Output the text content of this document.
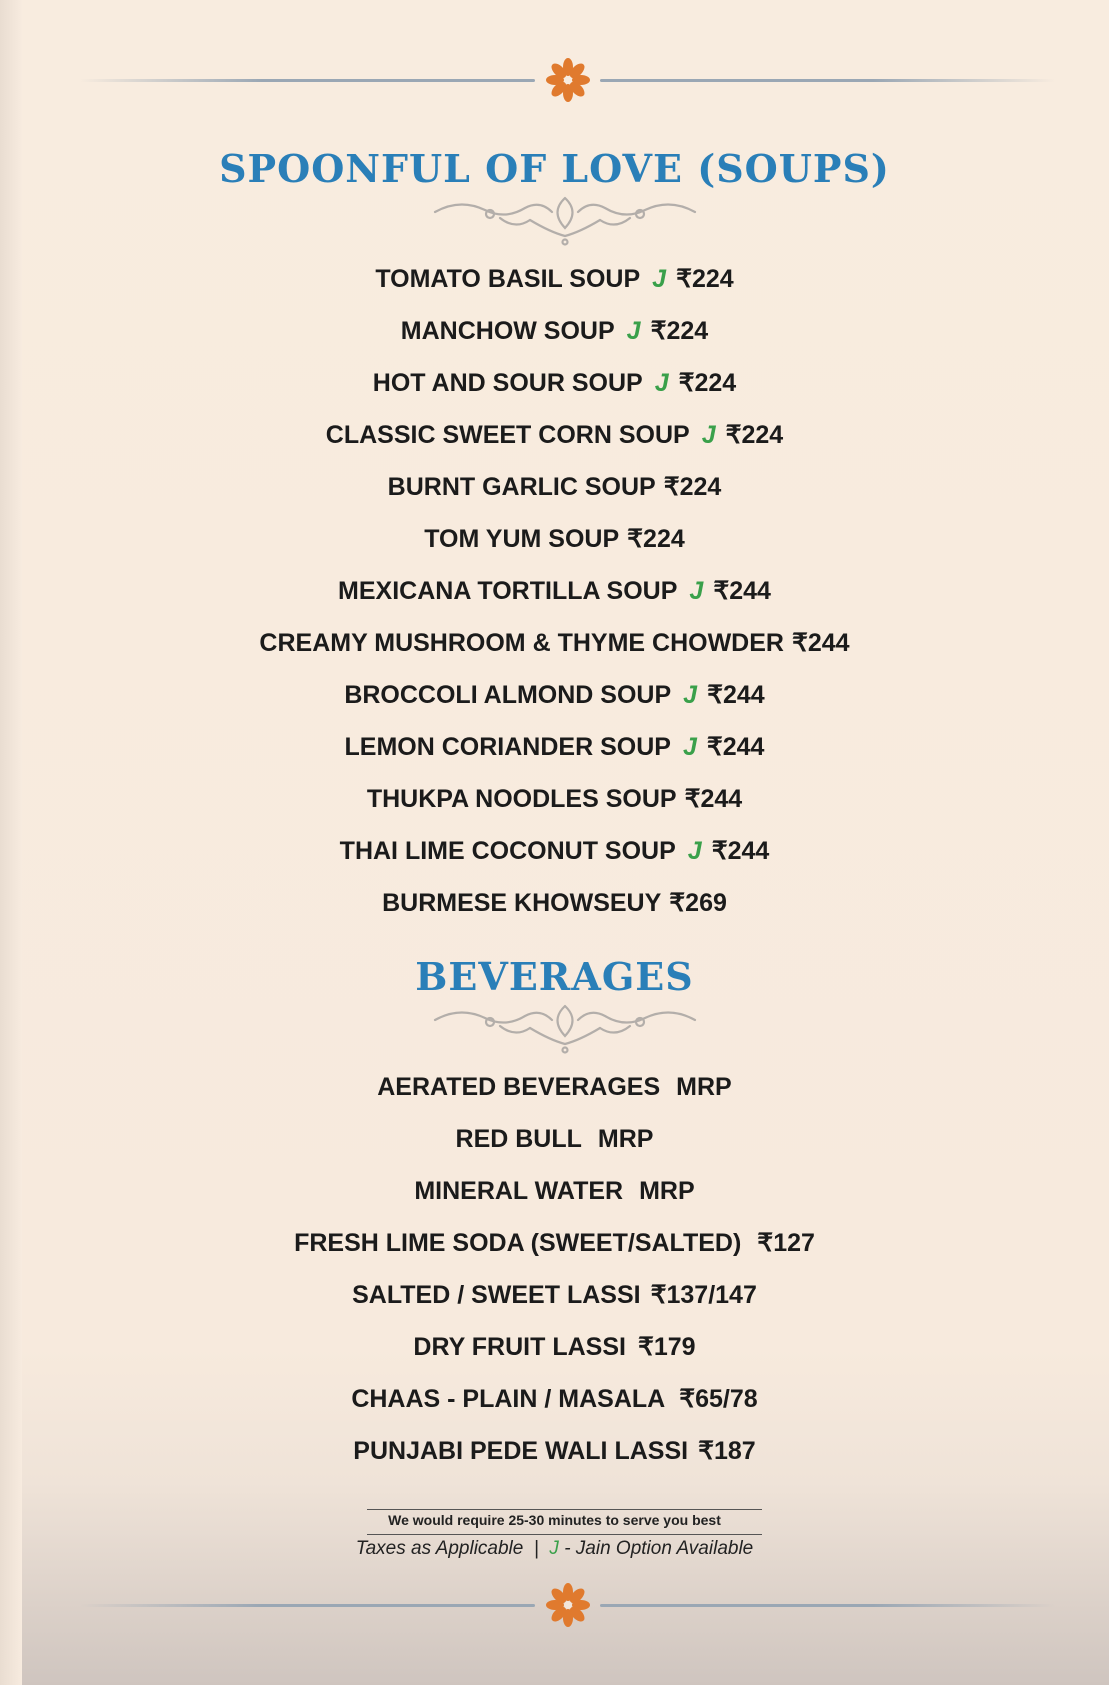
SPOONFUL OF LOVE (SOUPS)
TOMATO BASIL SOUP J ₹224
MANCHOW SOUP J ₹224
HOT AND SOUR SOUP J ₹224
CLASSIC SWEET CORN SOUP J ₹224
BURNT GARLIC SOUP ₹224
TOM YUM SOUP ₹224
MEXICANA TORTILLA SOUP J ₹244
CREAMY MUSHROOM & THYME CHOWDER ₹244
BROCCOLI ALMOND SOUP J ₹244
LEMON CORIANDER SOUP J ₹244
THUKPA NOODLES SOUP ₹244
THAI LIME COCONUT SOUP J ₹244
BURMESE KHOWSEUY ₹269
BEVERAGES
AERATED BEVERAGES MRP
RED BULL MRP
MINERAL WATER MRP
FRESH LIME SODA (SWEET/SALTED) ₹127
SALTED / SWEET LASSI ₹137/147
DRY FRUIT LASSI ₹179
CHAAS - PLAIN / MASALA ₹65/78
PUNJABI PEDE WALI LASSI ₹187
We would require 25-30 minutes to serve you best
Taxes as Applicable | J - Jain Option Available
